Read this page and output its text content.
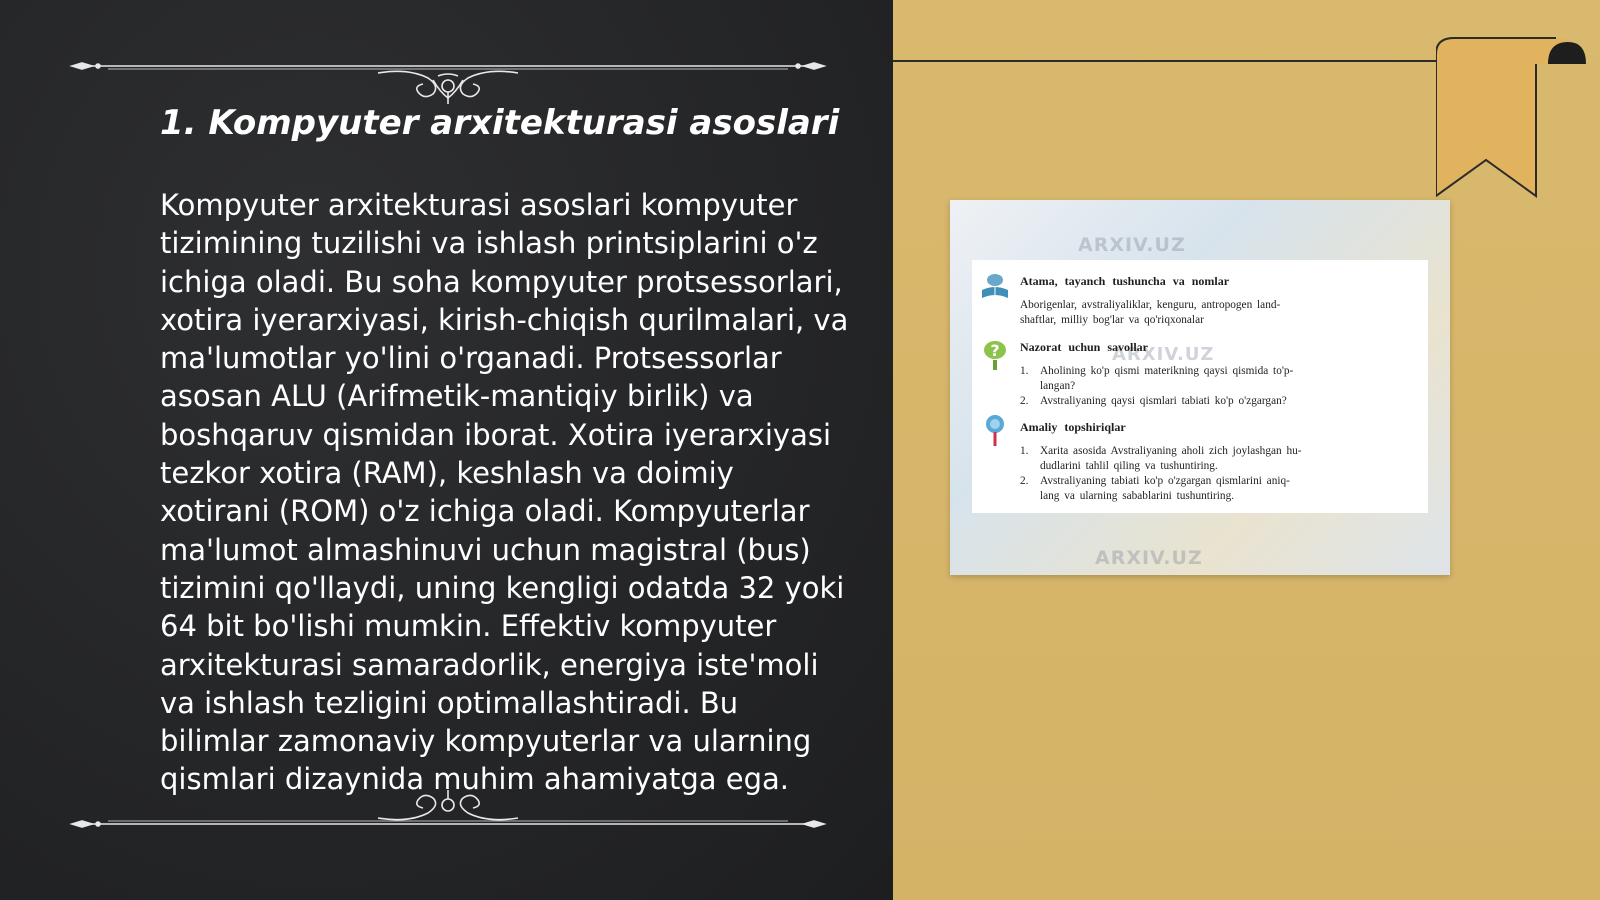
1. Kompyuter arxitekturasi asoslari

Kompyuter arxitekturasi asoslari kompyuter tizimining tuzilishi va ishlash printsiplarini o'z ichiga oladi. Bu soha kompyuter protsessorlari, xotira iyerarxiyasi, kirish-chiqish qurilmalari, va ma'lumotlar yo'lini o'rganadi. Protsessorlar asosan ALU (Arifmetik-mantiqiy birlik) va boshqaruv qismidan iborat. Xotira iyerarxiyasi tezkor xotira (RAM), keshlash va doimiy xotirani (ROM) o'z ichiga oladi. Kompyuterlar ma'lumot almashinuvi uchun magistral (bus) tizimini qo'llaydi, uning kengligi odatda 32 yoki 64 bit bo'lishi mumkin. Effektiv kompyuter arxitekturasi samaradorlik, energiya iste'moli va ishlash tezligini optimallashtiradi. Bu bilimlar zamonaviy kompyuterlar va ularning qismlari dizaynida muhim ahamiyatga ega.

ARXIV.UZ
ARXIV.UZ
ARXIV.UZ

Atama, tayanch tushuncha va nomlar

Aborigenlar, avstraliyaliklar, kenguru, antropogen land-

shaftlar, milliy bog'lar va qo'riqxonalar

? Nazorat uchun savollar

1. Aholining ko'p qismi materikning qaysi qismida to'p-

langan?

2. Avstraliyaning qaysi qismlari tabiati ko'p o'zgargan?

Amaliy topshiriqlar

1. Xarita asosida Avstraliyaning aholi zich joylashgan hu-

dudlarini tahlil qiling va tushuntiring.

2. Avstraliyaning tabiati ko'p o'zgargan qismlarini aniq-

lang va ularning sabablarini tushuntiring.
